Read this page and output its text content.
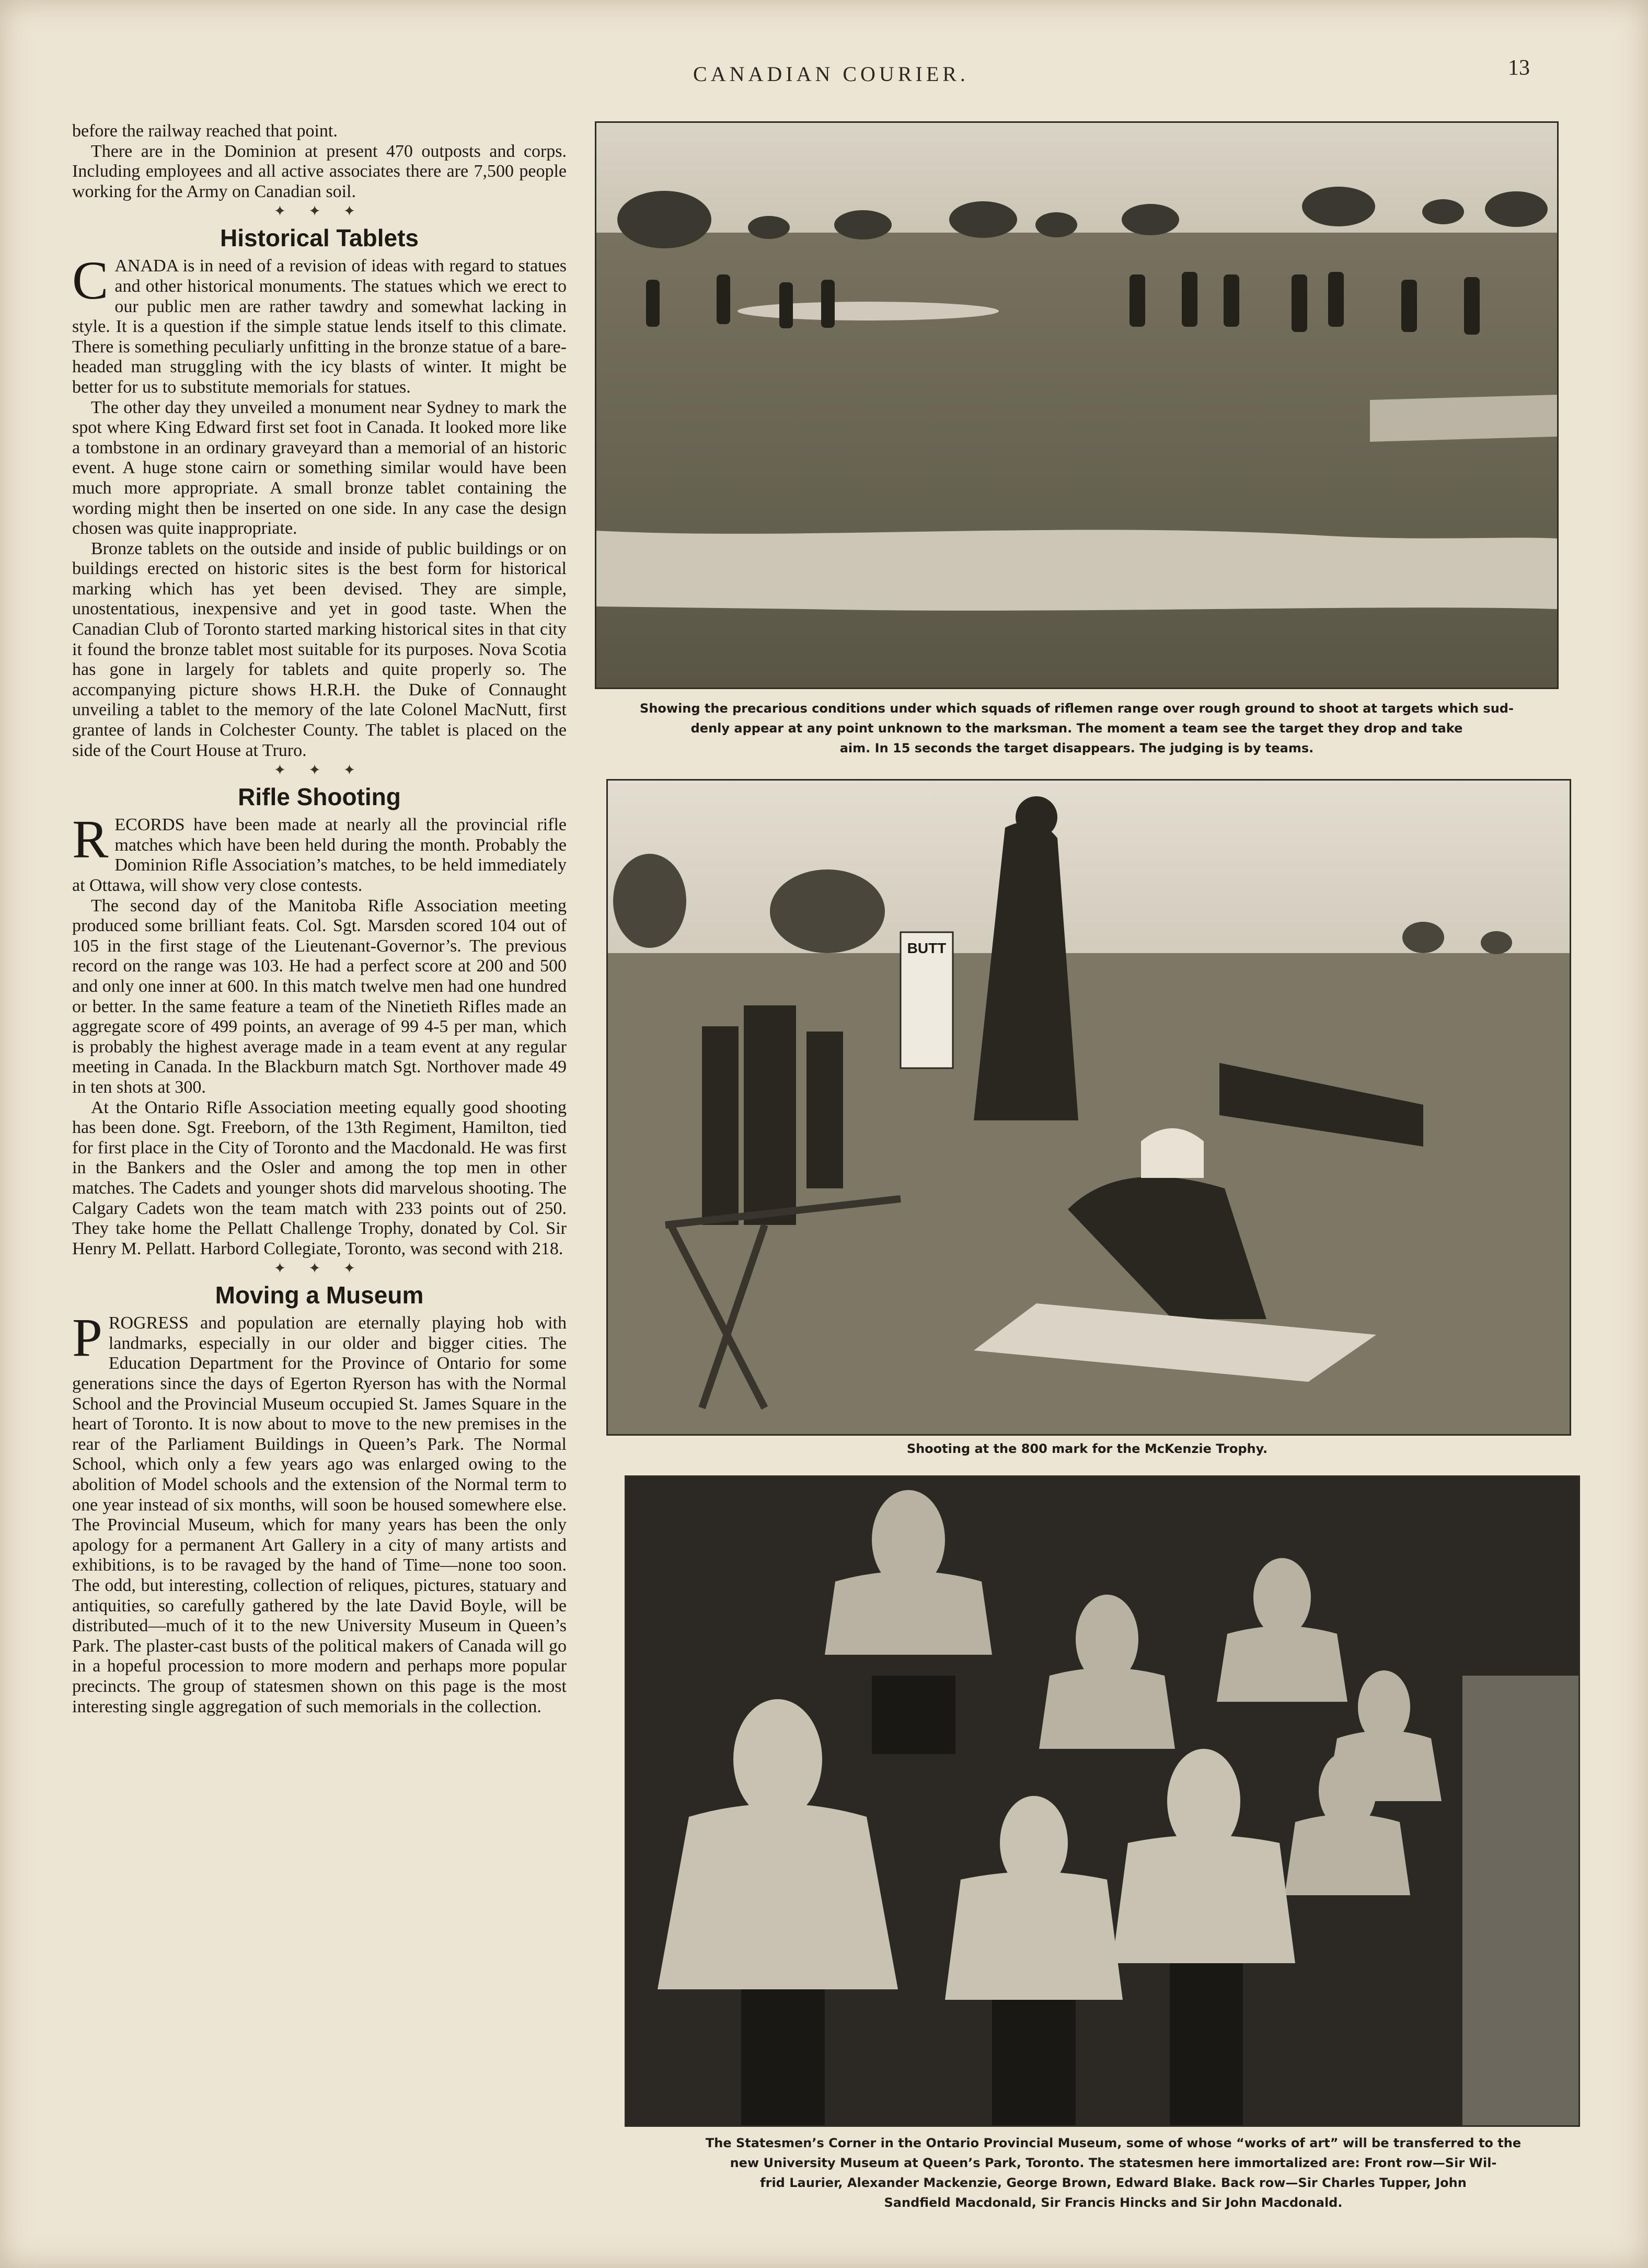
CANADIAN COURIER.	13

before the railway reached that point.

There are in the Dominion at present 470 outposts and corps. Including employees and all active associates there are 7,500 people working for the Army on Canadian soil.

✦ ✦ ✦
Historical Tablets

CANADA is in need of a revision of ideas with regard to statues and other historical monuments. The statues which we erect to our public men are rather tawdry and somewhat lacking in style. It is a question if the simple statue lends itself to this climate. There is something peculiarly unfitting in the bronze statue of a bare-headed man struggling with the icy blasts of winter. It might be better for us to substitute memorials for statues.

The other day they unveiled a monument near Sydney to mark the spot where King Edward first set foot in Canada. It looked more like a tombstone in an ordinary graveyard than a memorial of an historic event. A huge stone cairn or something similar would have been much more appropriate. A small bronze tablet containing the wording might then be inserted on one side. In any case the design chosen was quite inappropriate.

Bronze tablets on the outside and inside of public buildings or on buildings erected on historic sites is the best form for historical marking which has yet been devised. They are simple, unostentatious, inexpensive and yet in good taste. When the Canadian Club of Toronto started marking historical sites in that city it found the bronze tablet most suitable for its purposes. Nova Scotia has gone in largely for tablets and quite properly so. The accompanying picture shows H.R.H. the Duke of Connaught unveiling a tablet to the memory of the late Colonel MacNutt, first grantee of lands in Colchester County. The tablet is placed on the side of the Court House at Truro.

✦ ✦ ✦
Rifle Shooting

RECORDS have been made at nearly all the provincial rifle matches which have been held during the month. Probably the Dominion Rifle Association’s matches, to be held immediately at Ottawa, will show very close contests.

The second day of the Manitoba Rifle Association meeting produced some brilliant feats. Col. Sgt. Marsden scored 104 out of 105 in the first stage of the Lieutenant-Governor’s. The previous record on the range was 103. He had a perfect score at 200 and 500 and only one inner at 600. In this match twelve men had one hundred or better. In the same feature a team of the Ninetieth Rifles made an aggregate score of 499 points, an average of 99 4-5 per man, which is probably the highest average made in a team event at any regular meeting in Canada. In the Blackburn match Sgt. Northover made 49 in ten shots at 300.

At the Ontario Rifle Association meeting equally good shooting has been done. Sgt. Freeborn, of the 13th Regiment, Hamilton, tied for first place in the City of Toronto and the Macdonald. He was first in the Bankers and the Osler and among the top men in other matches. The Cadets and younger shots did marvelous shooting. The Calgary Cadets won the team match with 233 points out of 250. They take home the Pellatt Challenge Trophy, donated by Col. Sir Henry M. Pellatt. Harbord Collegiate, Toronto, was second with 218.

✦ ✦ ✦
Moving a Museum

PROGRESS and population are eternally playing hob with landmarks, especially in our older and bigger cities. The Education Department for the Province of Ontario for some generations since the days of Egerton Ryerson has with the Normal School and the Provincial Museum occupied St. James Square in the heart of Toronto. It is now about to move to the new premises in the rear of the Parliament Buildings in Queen’s Park. The Normal School, which only a few years ago was enlarged owing to the abolition of Model schools and the extension of the Normal term to one year instead of six months, will soon be housed somewhere else. The Provincial Museum, which for many years has been the only apology for a permanent Art Gallery in a city of many artists and exhibitions, is to be ravaged by the hand of Time—none too soon. The odd, but interesting, collection of reliques, pictures, statuary and antiquities, so carefully gathered by the late David Boyle, will be distributed—much of it to the new University Museum in Queen’s Park. The plaster-cast busts of the political makers of Canada will go in a hopeful procession to more modern and perhaps more popular precincts. The group of statesmen shown on this page is the most interesting single aggregation of such memorials in the collection.

Showing the precarious conditions under which squads of riflemen range over rough ground to shoot at targets which sud-
denly appear at any point unknown to the marksman. The moment a team see the target they drop and take
aim. In 15 seconds the target disappears. The judging is by teams.
BUTT
Shooting at the 800 mark for the McKenzie Trophy.
The Statesmen’s Corner in the Ontario Provincial Museum, some of whose “works of art” will be transferred to the
new University Museum at Queen’s Park, Toronto. The statesmen here immortalized are: Front row—Sir Wil-
frid Laurier, Alexander Mackenzie, George Brown, Edward Blake. Back row—Sir Charles Tupper, John
Sandfield Macdonald, Sir Francis Hincks and Sir John Macdonald.
